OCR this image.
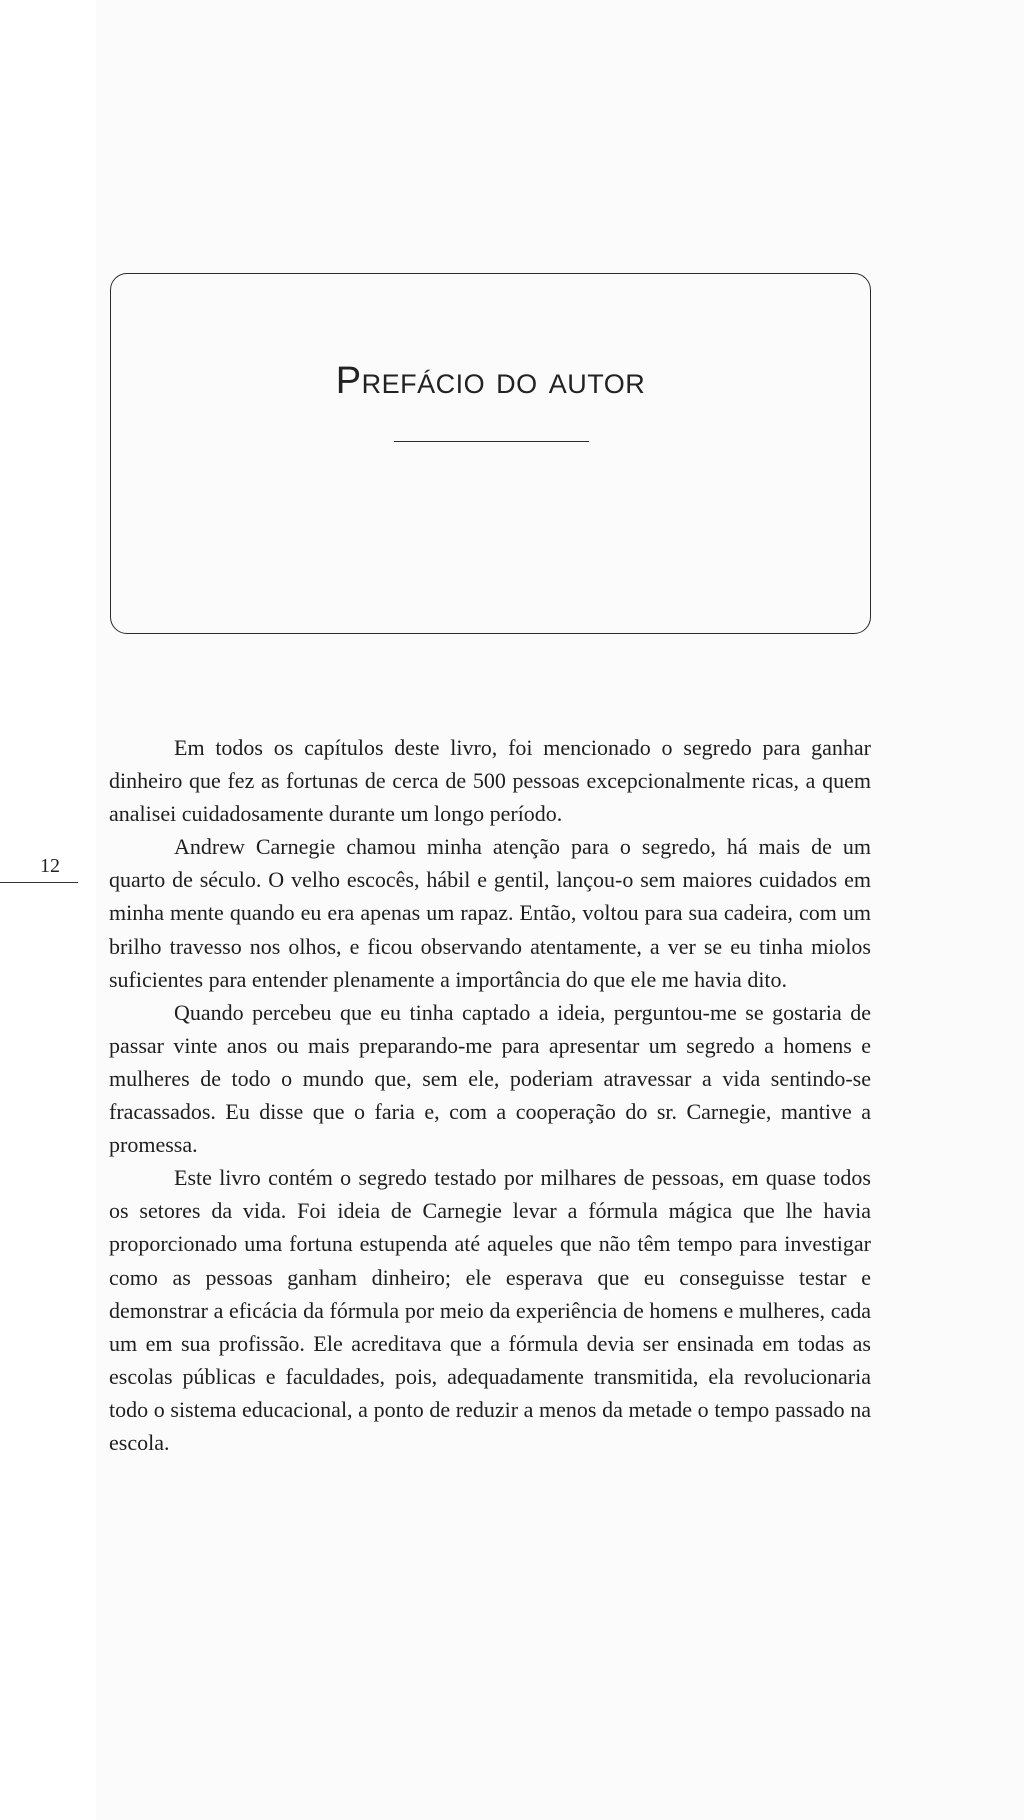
Prefácio do autor
12

Em todos os capítulos deste livro, foi mencionado o segredo para ganhar dinheiro que fez as fortunas de cerca de 500 pessoas excepcionalmente ricas, a quem analisei cuidadosamente durante um longo período.

Andrew Carnegie chamou minha atenção para o segredo, há mais de um quarto de século. O velho escocês, hábil e gentil, lançou-o sem maiores cuidados em minha mente quando eu era apenas um rapaz. Então, voltou para sua cadeira, com um brilho travesso nos olhos, e ficou observando atentamente, a ver se eu tinha miolos suficientes para entender plenamente a importância do que ele me havia dito.

Quando percebeu que eu tinha captado a ideia, perguntou-me se gostaria de passar vinte anos ou mais preparando-me para apresentar um segredo a homens e mulheres de todo o mundo que, sem ele, poderiam atravessar a vida sentindo-se fracassados. Eu disse que o faria e, com a cooperação do sr. Carnegie, mantive a promessa.

Este livro contém o segredo testado por milhares de pessoas, em quase todos os setores da vida. Foi ideia de Carnegie levar a fórmula mágica que lhe havia proporcionado uma fortuna estupenda até aqueles que não têm tempo para investigar como as pessoas ganham dinheiro; ele esperava que eu conseguisse testar e demonstrar a eficácia da fórmula por meio da experiência de homens e mulheres, cada um em sua profissão. Ele acreditava que a fórmula devia ser ensinada em todas as escolas públicas e faculdades, pois, adequadamente transmitida, ela revolucionaria todo o sistema educacional, a ponto de reduzir a menos da metade o tempo passado na escola.
